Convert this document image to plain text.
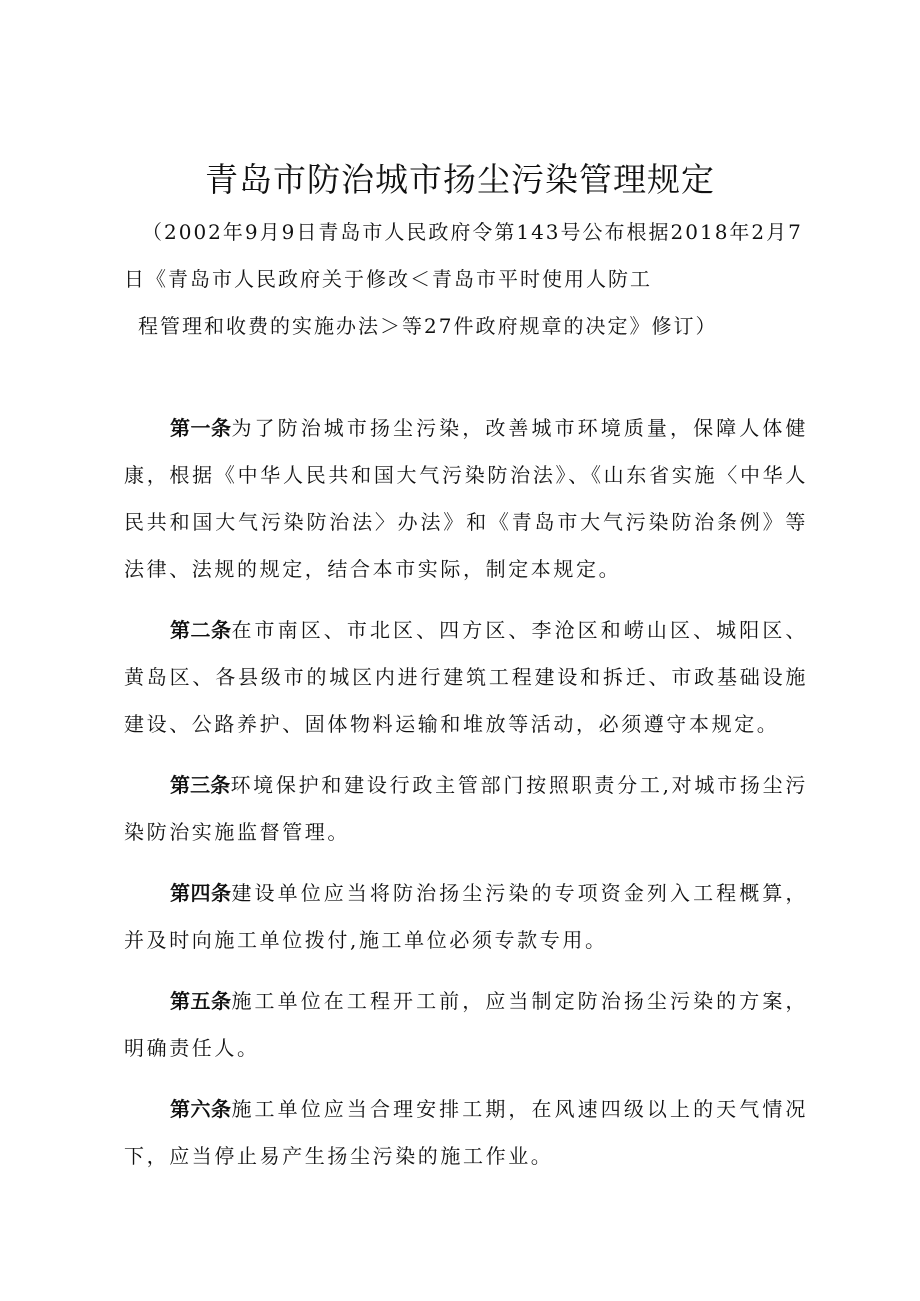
青岛市防治城市扬尘污染管理规定

（2002年9月9日青岛市人民政府令第143号公布根据2018年2月7

日《青岛市人民政府关于修改＜青岛市平时使用人防工

程管理和收费的实施办法＞等27件政府规章的决定》修订）

第一条为了防治城市扬尘污染，改善城市环境质量，保障人体健康，根据《中华人民共和国大气污染防治法》、《山东省实施〈中华人民共和国大气污染防治法〉办法》和《青岛市大气污染防治条例》等法律、法规的规定，结合本市实际，制定本规定。

第二条在市南区、市北区、四方区、李沧区和崂山区、城阳区、黄岛区、各县级市的城区内进行建筑工程建设和拆迁、市政基础设施建设、公路养护、固体物料运输和堆放等活动，必须遵守本规定。

第三条环境保护和建设行政主管部门按照职责分工,对城市扬尘污染防治实施监督管理。

第四条建设单位应当将防治扬尘污染的专项资金列入工程概算，并及时向施工单位拨付,施工单位必须专款专用。

第五条施工单位在工程开工前，应当制定防治扬尘污染的方案，明确责任人。

第六条施工单位应当合理安排工期，在风速四级以上的天气情况下，应当停止易产生扬尘污染的施工作业。
